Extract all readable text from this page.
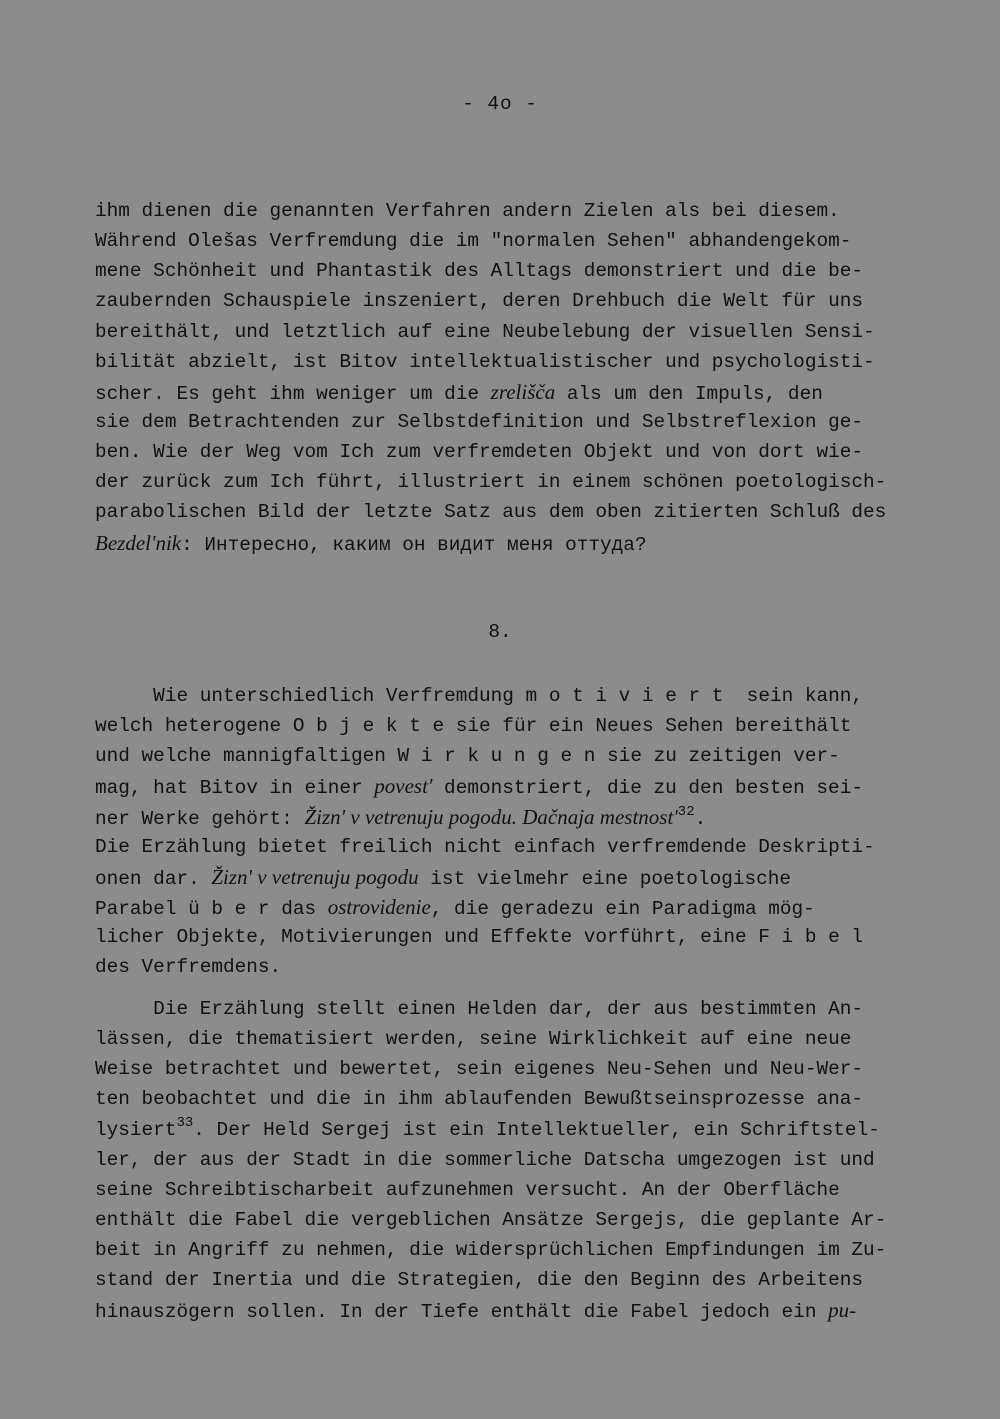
- 4o -
ihm dienen die genannten Verfahren andern Zielen als bei diesem.
Während Olešas Verfremdung die im "normalen Sehen" abhandengekom-
mene Schönheit und Phantastik des Alltags demonstriert und die be-
zaubernden Schauspiele inszeniert, deren Drehbuch die Welt für uns
bereithält, und letztlich auf eine Neubelebung der visuellen Sensi-
bilität abzielt, ist Bitov intellektualistischer und psychologisti-
scher. Es geht ihm weniger um die zrelišča als um den Impuls, den
sie dem Betrachtenden zur Selbstdefinition und Selbstreflexion ge-
ben. Wie der Weg vom Ich zum verfremdeten Objekt und von dort wie-
der zurück zum Ich führt, illustriert in einem schönen poetologisch-
parabolischen Bild der letzte Satz aus dem oben zitierten Schluß des
Bezdel'nik: Интересно, каким он видит меня оттуда?
8.
Wie unterschiedlich Verfremdung motiviert sein kann,
welch heterogene Objektesie für ein Neues Sehen bereithält
und welche mannigfaltigen Wirkungensie zu zeitigen ver-
mag, hat Bitov in einer povest' demonstriert, die zu den besten sei-
ner Werke gehört: Žizn' v vetrenuju pogodu. Dačnaja $mestnost'^{32}$.
Die Erzählung bietet freilich nicht einfach verfremdende Deskripti-
onen dar. Žizn' v vetrenuju pogodu ist vielmehr eine poetologische
Parabel überdas ostrovidenie, die geradezu ein Paradigma mög-
licher Objekte, Motivierungen und Effekte vorführt, eine Fibel
des Verfremdens.
Die Erzählung stellt einen Helden dar, der aus bestimmten An-
lässen, die thematisiert werden, seine Wirklichkeit auf eine neue
Weise betrachtet und bewertet, sein eigenes Neu-Sehen und Neu-Wer-
ten beobachtet und die in ihm ablaufenden Bewußtseinsprozesse ana-
lysiert$^{33}$. Der Held Sergej ist ein Intellektueller, ein Schriftstel-
ler, der aus der Stadt in die sommerliche Datscha umgezogen ist und
seine Schreibtischarbeit aufzunehmen versucht. An der Oberfläche
enthält die Fabel die vergeblichen Ansätze Sergejs, die geplante Ar-
beit in Angriff zu nehmen, die widersprüchlichen Empfindungen im Zu-
stand der Inertia und die Strategien, die den Beginn des Arbeitens
hinauszögern sollen. In der Tiefe enthält die Fabel jedoch ein pu-
